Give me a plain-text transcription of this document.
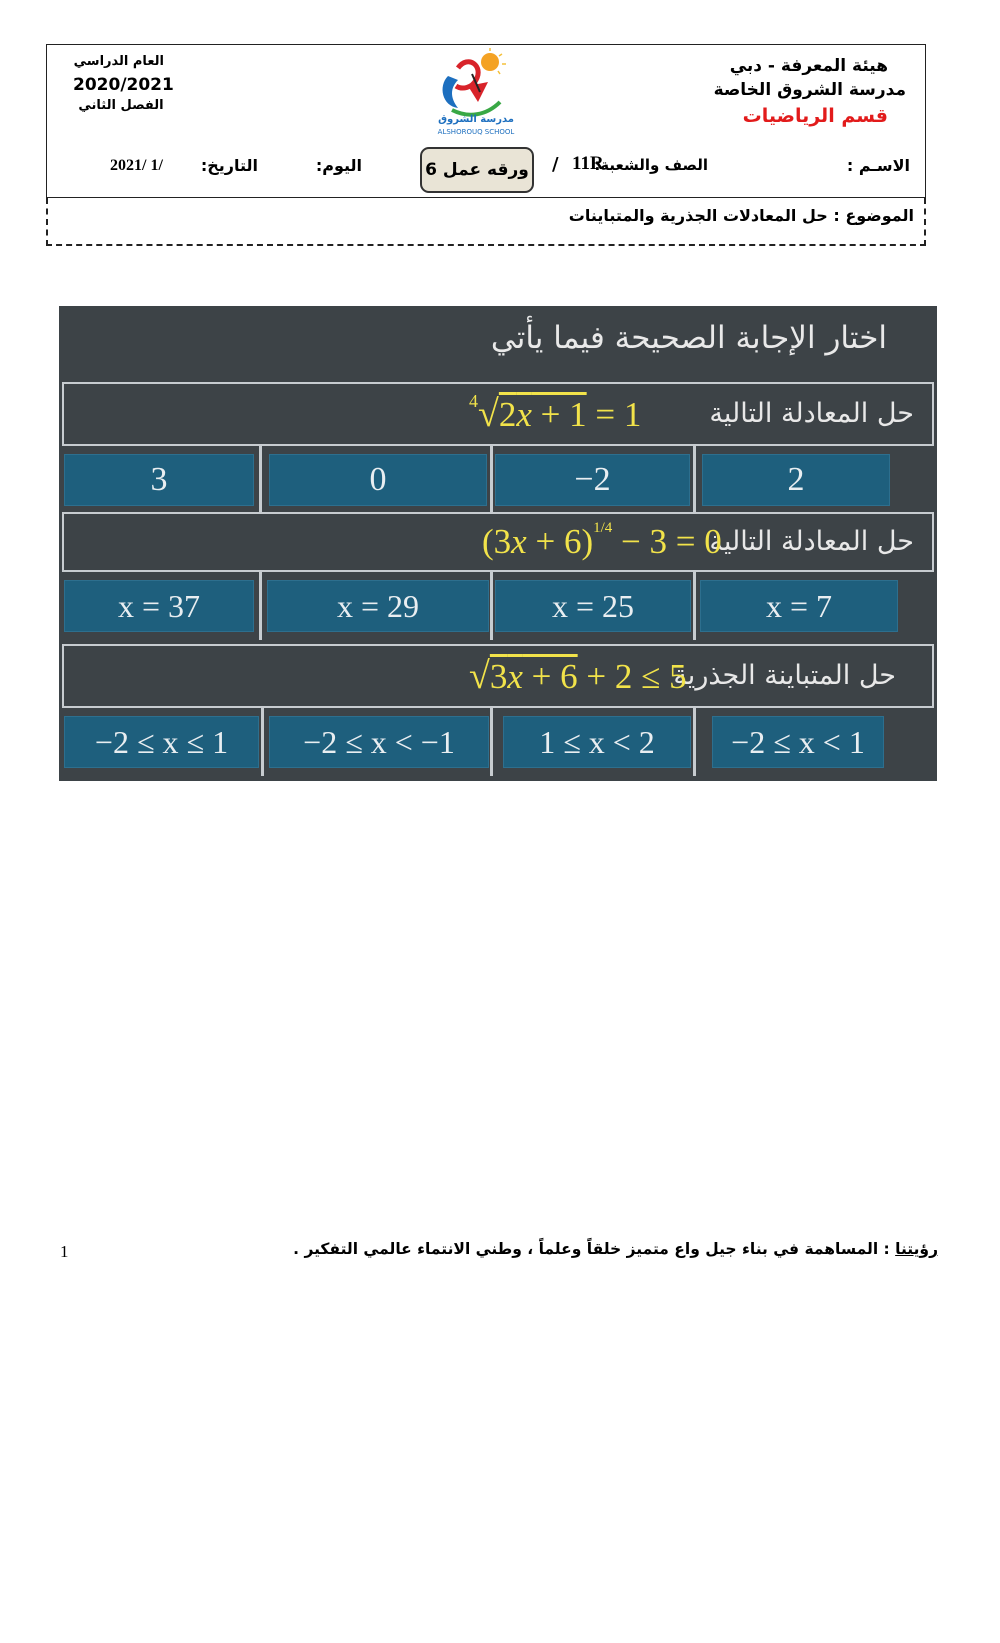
هيئة المعرفة - دبي
مدرسة الشروق الخاصة
قسم الرياضيات
العام الدراسي
2020/2021
الفصل الثاني
مدرسة الشروق
ALSHOROUQ SCHOOL
الاسـم :
الصف والشعبة:
11R
/
ورقه عمل 6
اليوم:
التاريخ:
/1 /2021
الموضوع : حل المعادلات الجذرية والمتباينات
اختار الإجابة الصحيحة فيما يأتي
حل المعادلة التالية
$^4$√2x + 1 = 1
3	0	−2	2
حل المعادلة التالية
$(3x + 6)^{1/4} - 3 = 0$
x = 37	x = 29	x = 25	x = 7
حل المتباينة الجذرية
√3x + 6 + 2 ≤ 5
−2 ≤ x ≤ 1	−2 ≤ x < −1	1 ≤ x < 2	−2 ≤ x < 1
رؤيتنا : المساهمة في بناء جيل واع متميز خلقاً وعلماً ، وطني الانتماء عالمي التفكير .
1
